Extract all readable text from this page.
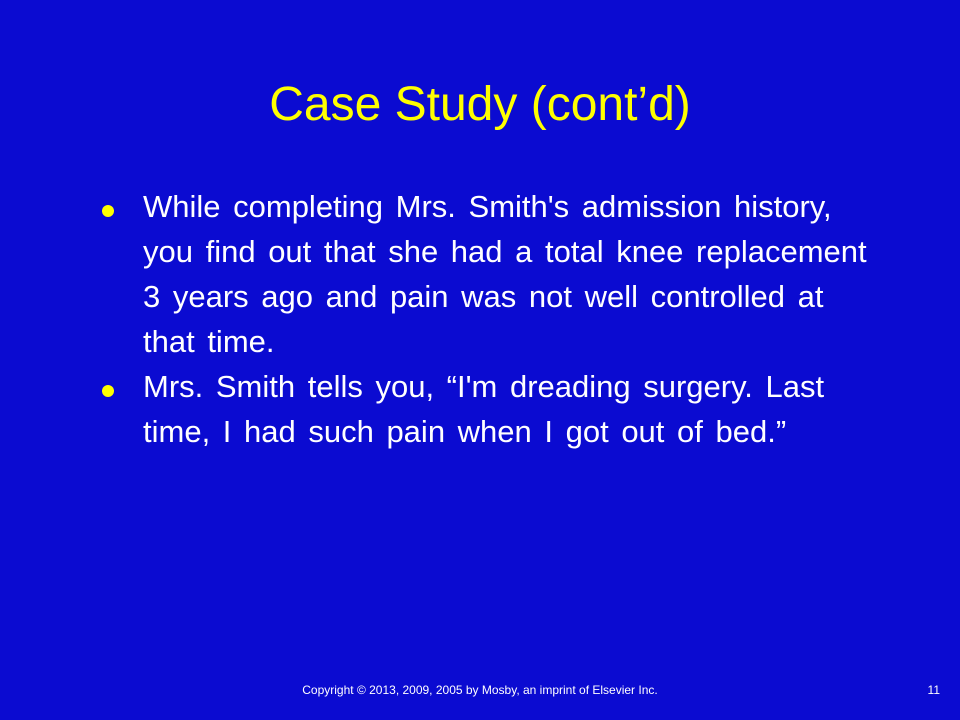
Case Study (cont’d)
While completing Mrs. Smith's admission history, you find out that she had a total knee replacement 3 years ago and pain was not well controlled at that time.
Mrs. Smith tells you, “I'm dreading surgery. Last time, I had such pain when I got out of bed.”
Copyright © 2013, 2009, 2005 by Mosby, an imprint of Elsevier Inc.	11
